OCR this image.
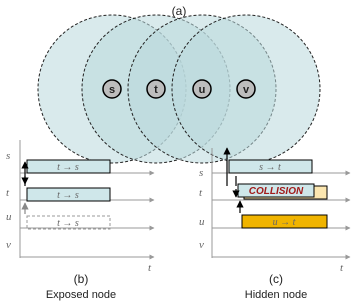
(a)
s	t	u	v
s
t
u
v
t
t → s
t → s
t → s
(b)
Exposed node
s
t
u
v
t
s → t
COLLISION
u → t
(c)
Hidden node
